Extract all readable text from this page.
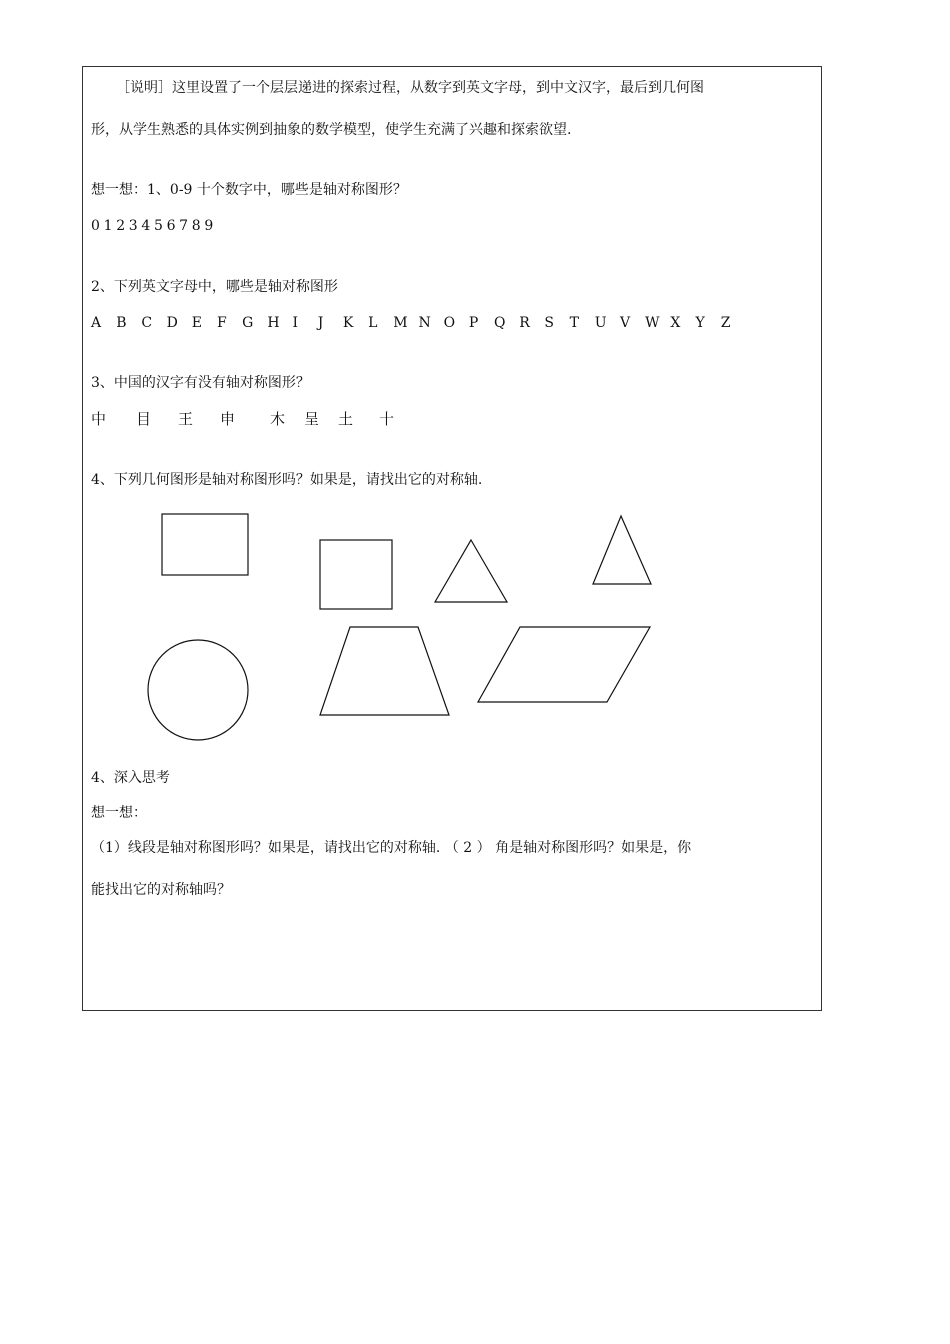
［说明］这里设置了一个层层递进的探索过程，从数字到英文字母，到中文汉字，最后到几何图
形，从学生熟悉的具体实例到抽象的数学模型，使学生充满了兴趣和探索欲望.
想一想：1、0-9 十个数字中，哪些是轴对称图形？
0 1 2 3 4 5 6 7 8 9
2、下列英文字母中，哪些是轴对称图形
A B C D E F G H I J K L M N O P Q R S T U V W X Y Z
3、中国的汉字有没有轴对称图形？
中 目 王 申 木 呈 土 十
4、下列几何图形是轴对称图形吗？如果是，请找出它的对称轴.
4、深入思考
想一想：
（1）线段是轴对称图形吗？如果是，请找出它的对称轴. （ 2 ） 角是轴对称图形吗？如果是，你
能找出它的对称轴吗？
